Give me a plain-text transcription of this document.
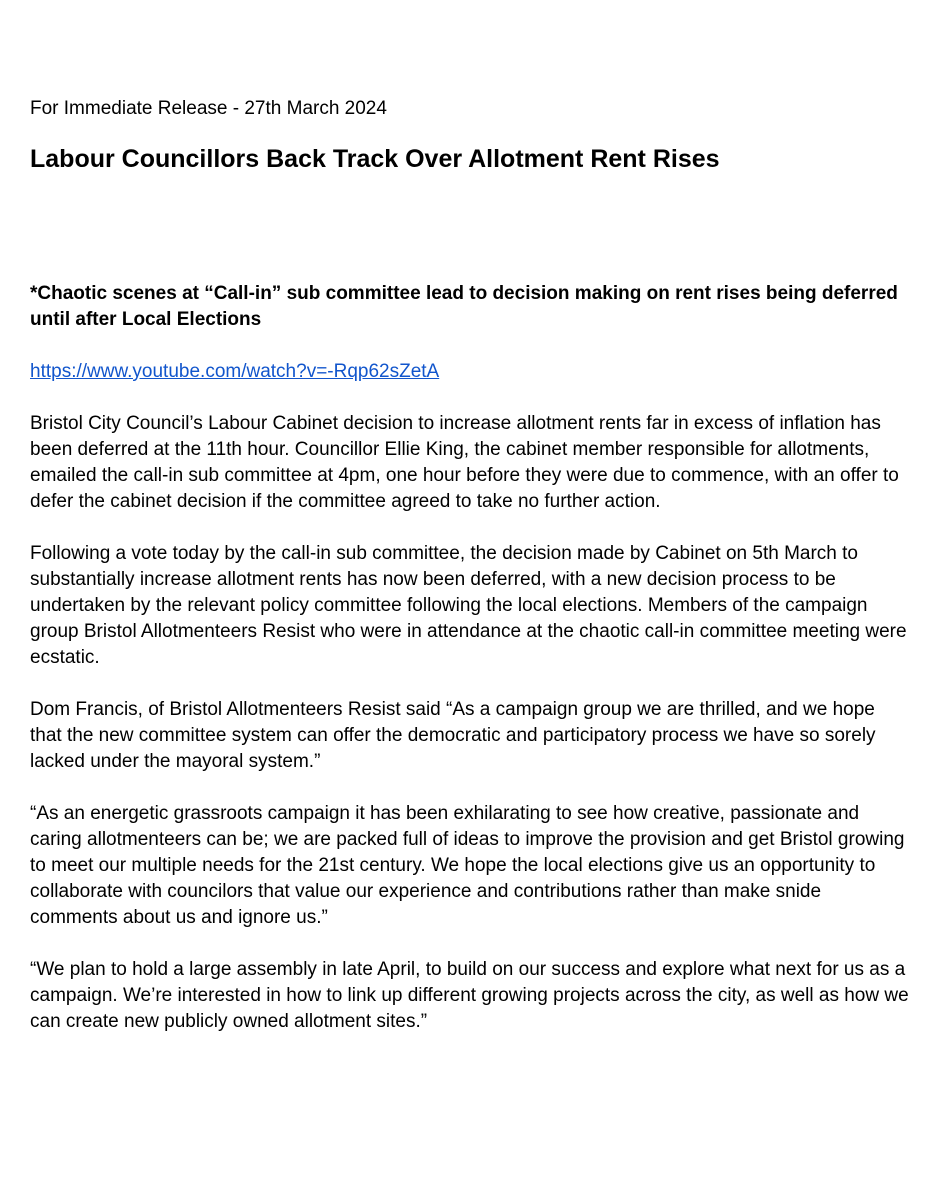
For Immediate Release - 27th March 2024

Labour Councillors Back Track Over Allotment Rent Rises

*Chaotic scenes at “Call-in” sub committee lead to decision making on rent rises being deferred until after Local Elections

https://www.youtube.com/watch?v=-Rqp62sZetA

Bristol City Council’s Labour Cabinet decision to increase allotment rents far in excess of inflation has been deferred at the 11th hour. Councillor Ellie King, the cabinet member responsible for allotments, emailed the call-in sub committee at 4pm, one hour before they were due to commence, with an offer to defer the cabinet decision if the committee agreed to take no further action.

Following a vote today by the call-in sub committee, the decision made by Cabinet on 5th March to substantially increase allotment rents has now been deferred, with a new decision process to be undertaken by the relevant policy committee following the local elections. Members of the campaign group Bristol Allotmenteers Resist who were in attendance at the chaotic call-in committee meeting were ecstatic.

Dom Francis, of Bristol Allotmenteers Resist said “As a campaign group we are thrilled, and we hope that the new committee system can offer the democratic and participatory process we have so sorely lacked under the mayoral system.”

“As an energetic grassroots campaign it has been exhilarating to see how creative, passionate and caring allotmenteers can be; we are packed full of ideas to improve the provision and get Bristol growing to meet our multiple needs for the 21st century. We hope the local elections give us an opportunity to collaborate with councilors that value our experience and contributions rather than make snide comments about us and ignore us.”

“We plan to hold a large assembly in late April, to build on our success and explore what next for us as a campaign. We’re interested in how to link up different growing projects across the city, as well as how we can create new publicly owned allotment sites.”
